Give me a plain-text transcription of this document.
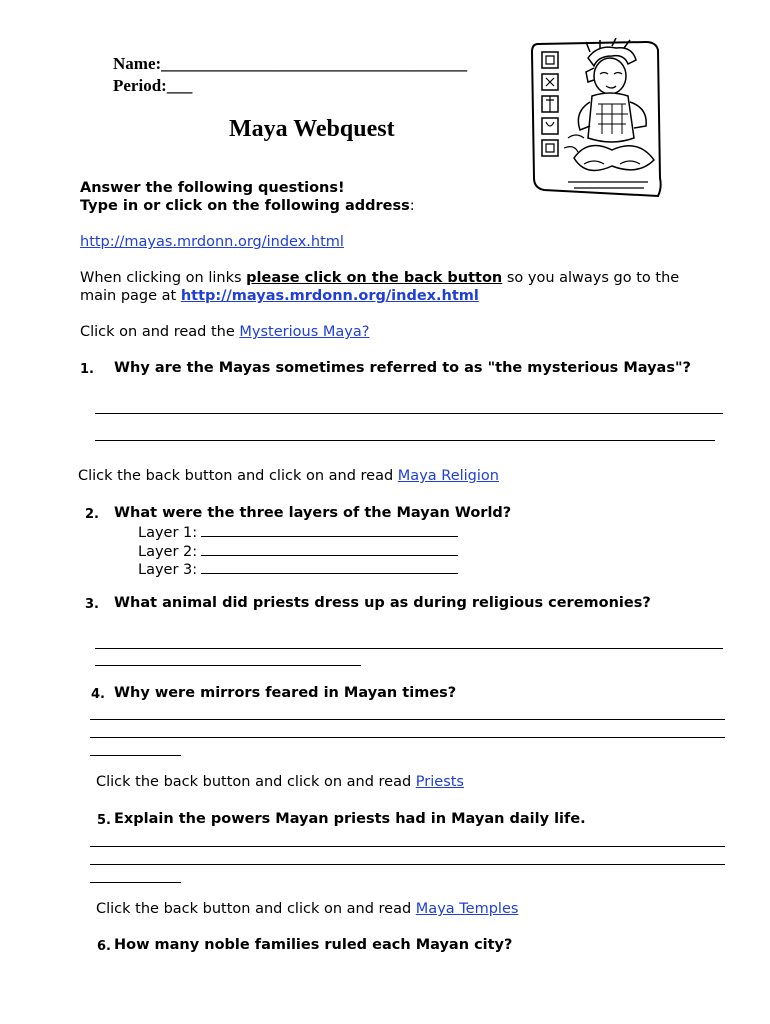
Name:____________________________________
Period:___
Maya Webquest
Answer the following questions!
Type in or click on the following address:
http://mayas.mrdonn.org/index.html
When clicking on links please click on the back button so you always go to the
main page at http://mayas.mrdonn.org/index.html
Click on and read the Mysterious Maya?
1. Why are the Mayas sometimes referred to as "the mysterious Mayas"?
Click the back button and click on and read Maya Religion
2. What were the three layers of the Mayan World?
Layer 1:
Layer 2:
Layer 3:
3. What animal did priests dress up as during religious ceremonies?
4. Why were mirrors feared in Mayan times?
Click the back button and click on and read Priests
5. Explain the powers Mayan priests had in Mayan daily life.
Click the back button and click on and read Maya Temples
6. How many noble families ruled each Mayan city?
